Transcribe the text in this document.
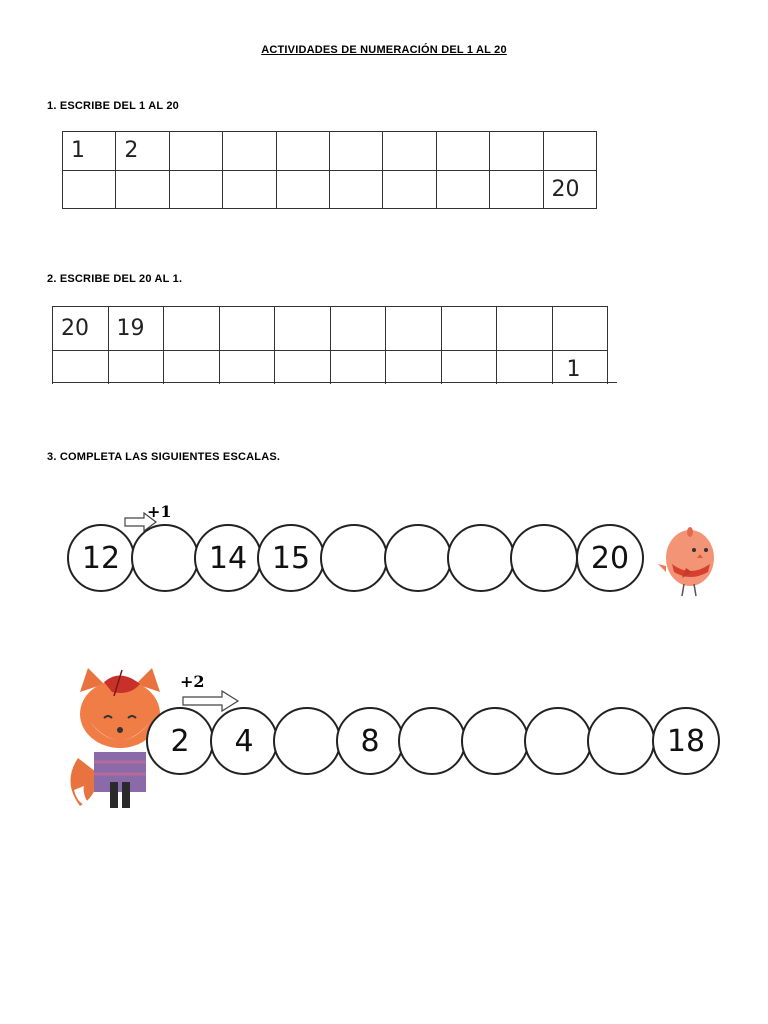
ACTIVIDADES DE NUMERACIÓN DEL 1 AL 20
1. ESCRIBE DEL 1 AL 20
1	2								
									20
2. ESCRIBE DEL 20 AL 1.
20	19								
									1
3. COMPLETA LAS SIGUIENTES ESCALAS.
+1
12	14 15	20
+2
2	4	8	18
